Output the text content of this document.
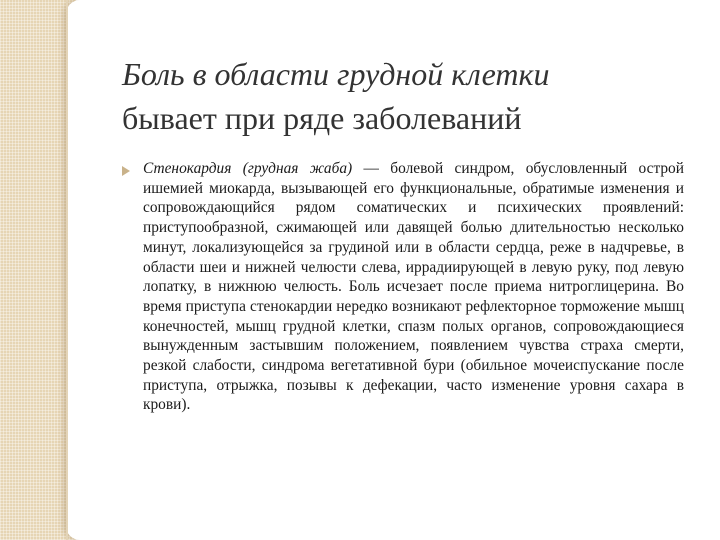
Боль в области грудной клетки
бывает при ряде заболеваний

Стенокардия (грудная жаба) — болевой синдром, обусловленный острой ишемией миокарда, вызывающей его функциональные, обратимые изменения и сопровождающийся рядом соматических и психических проявлений: приступообразной, сжимающей или давящей болью длительностью несколько минут, локализующейся за грудиной или в области сердца, реже в надчревье, в области шеи и нижней челюсти слева, иррадиирующей в левую руку, под левую лопатку, в нижнюю челюсть. Боль исчезает после приема нитроглицерина. Во время приступа стенокардии нередко возникают рефлекторное торможение мышц конечностей, мышц грудной клетки, спазм полых органов, сопровождающиеся вынужденным застывшим положением, появлением чувства страха смерти, резкой слабости, синдрома вегетативной бури (обильное мочеиспускание после приступа, отрыжка, позывы к дефекации, часто изменение уровня сахара в крови).
